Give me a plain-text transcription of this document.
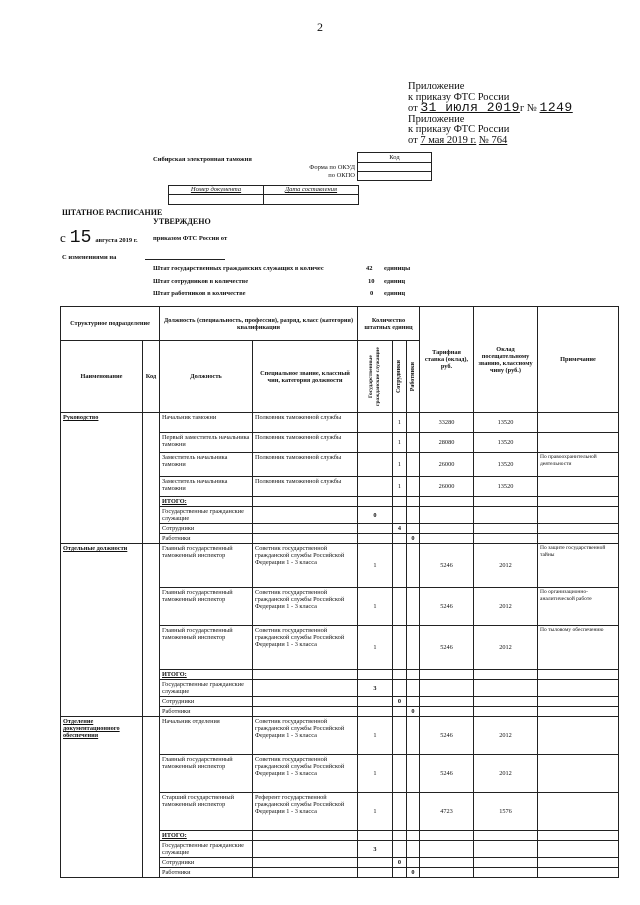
2
Приложение
к приказу ФТС России
от 31 июля 2019г № 1249
Приложение
к приказу ФТС России
от 7 мая 2019 г. № 764
Сибирская электронная таможня	Код
Форма по ОКУД
по ОКПО
Номер документа	Дата составления
ШТАТНОЕ РАСПИСАНИЕ
УТВЕРЖДЕНО
с 15 августа 2019 г. приказом ФТС России от
С изменениями на
Штат государственных гражданских служащих в количес	42 единицы
Штат сотрудников в количестве	10 единиц
Штат работников в количестве	0 единиц
Структурное подразделение		Должность (специальность, профессия), разряд, класс (категория) квалификации		Количество штатных единиц			Тарифная ставка (оклад), руб.	Оклад посещательному званию, классному чину (руб.)	Примечание
Наименование	Код	Должность	Специальное звание, классный чин, категория должности	Государственные гражданские служащие	Сотрудники	Работники			

Руководство		Начальник таможни	Полковник таможенной службы		1		33280	13520	
		Первый заместитель начальника таможни	Полковник таможенной службы		1		28080	13520	
		Заместитель начальника таможни	Полковник таможенной службы		1		26000	13520	По правоохранительной деятельности
		Заместитель начальника таможни	Полковник таможенной службы		1		26000	13520	
		ИТОГО:							
		Государственные гражданские служащие		0					
		Сотрудники			4				
		Работники				0			
Отдельные должности		Главный государственный таможенный инспектор	Советник государственной гражданской службы Российской Федерации 1 - 3 класса	1			5246	2012	По защите государственной тайны
		Главный государственный таможенный инспектор	Советник государственной гражданской службы Российской Федерации 1 - 3 класса	1			5246	2012	По организационно-аналитической работе
		Главный государственный таможенный инспектор	Советник государственной гражданской службы Российской Федерации 1 - 3 класса	1			5246	2012	По тыловому обеспечению
		ИТОГО:							
		Государственные гражданские служащие		3					
		Сотрудники			0				
		Работники				0			
Отделение документационного обеспечения		Начальник отделения	Советник государственной гражданской службы Российской Федерации 1 - 3 класса	1			5246	2012	
		Главный государственный таможенный инспектор	Советник государственной гражданской службы Российской Федерации 1 - 3 класса	1			5246	2012	
		Старший государственный таможенный инспектор	Референт государственной гражданской службы Российской Федерации 1 - 3 класса	1			4723	1576	
		ИТОГО:							
		Государственные гражданские служащие		3					
		Сотрудники			0				
		Работники				0			
